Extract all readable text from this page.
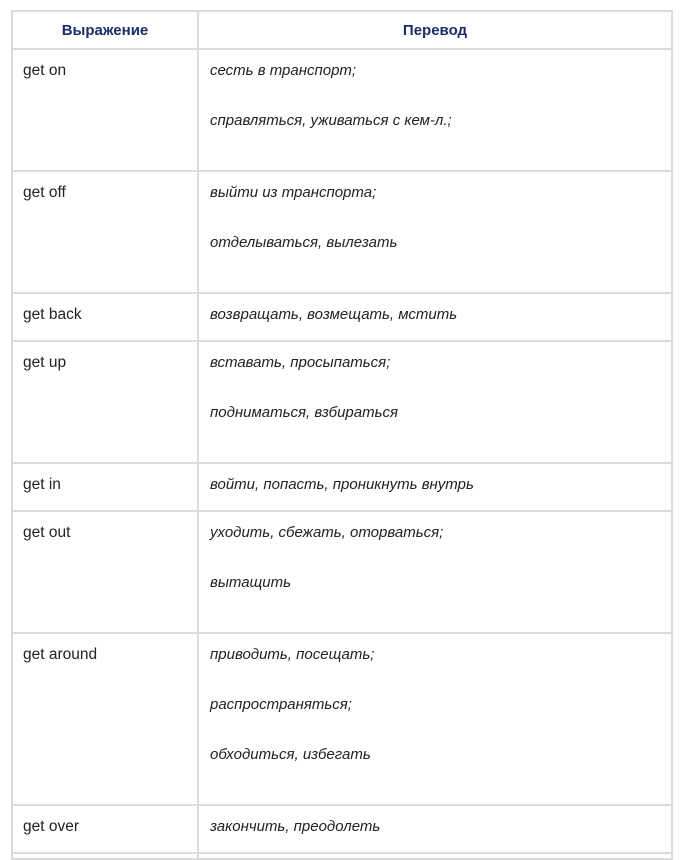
Выражение	Перевод
get on	сесть в транспорт;
справляться, уживаться с кем-л.;

get off	выйти из транспорта;
отделываться, вылезать

get back	возвращать, возмещать, мстить

get up	вставать, просыпаться;
подниматься, взбираться

get in	войти, попасть, проникнуть внутрь

get out	уходить, сбежать, оторваться;
вытащить

get around	приводить, посещать;
распространяться;
обходиться, избегать

get over	закончить, преодолеть
